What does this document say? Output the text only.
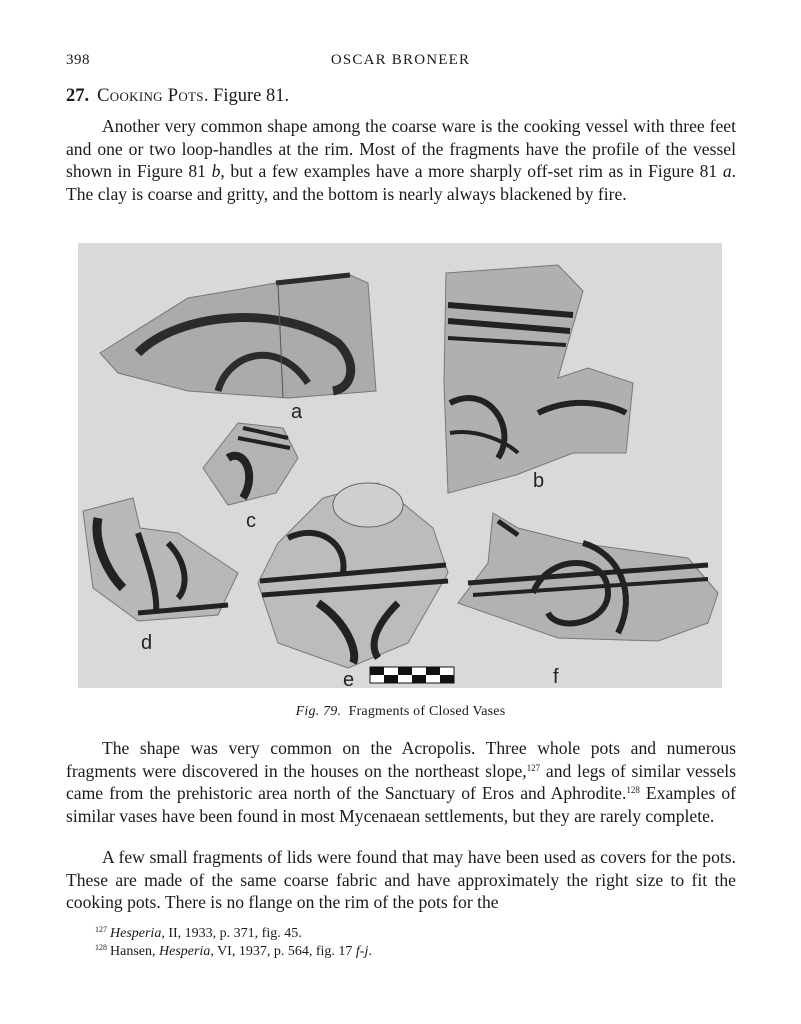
398	OSCAR BRONEER
27. Cooking Pots. Figure 81.

Another very common shape among the coarse ware is the cooking vessel with three feet and one or two loop-handles at the rim. Most of the fragments have the profile of the vessel shown in Figure 81 b, but a few examples have a more sharply off-set rim as in Figure 81 a. The clay is coarse and gritty, and the bottom is nearly always blackened by fire.

a
b
c
d
e	f
Fig. 79. Fragments of Closed Vases

The shape was very common on the Acropolis. Three whole pots and numerous fragments were discovered in the houses on the northeast slope,$^{127}$ and legs of similar vessels came from the prehistoric area north of the Sanctuary of Eros and Aphrodite.$^{128}$ Examples of similar vases have been found in most Mycenaean settlements, but they are rarely complete.

A few small fragments of lids were found that may have been used as covers for the pots. These are made of the same coarse fabric and have approximately the right size to fit the cooking pots. There is no flange on the rim of the pots for the

$^{127}$ Hesperia, II, 1933, p. 371, fig. 45.
$^{128}$ Hansen, Hesperia, VI, 1937, p. 564, fig. 17 f-j.
